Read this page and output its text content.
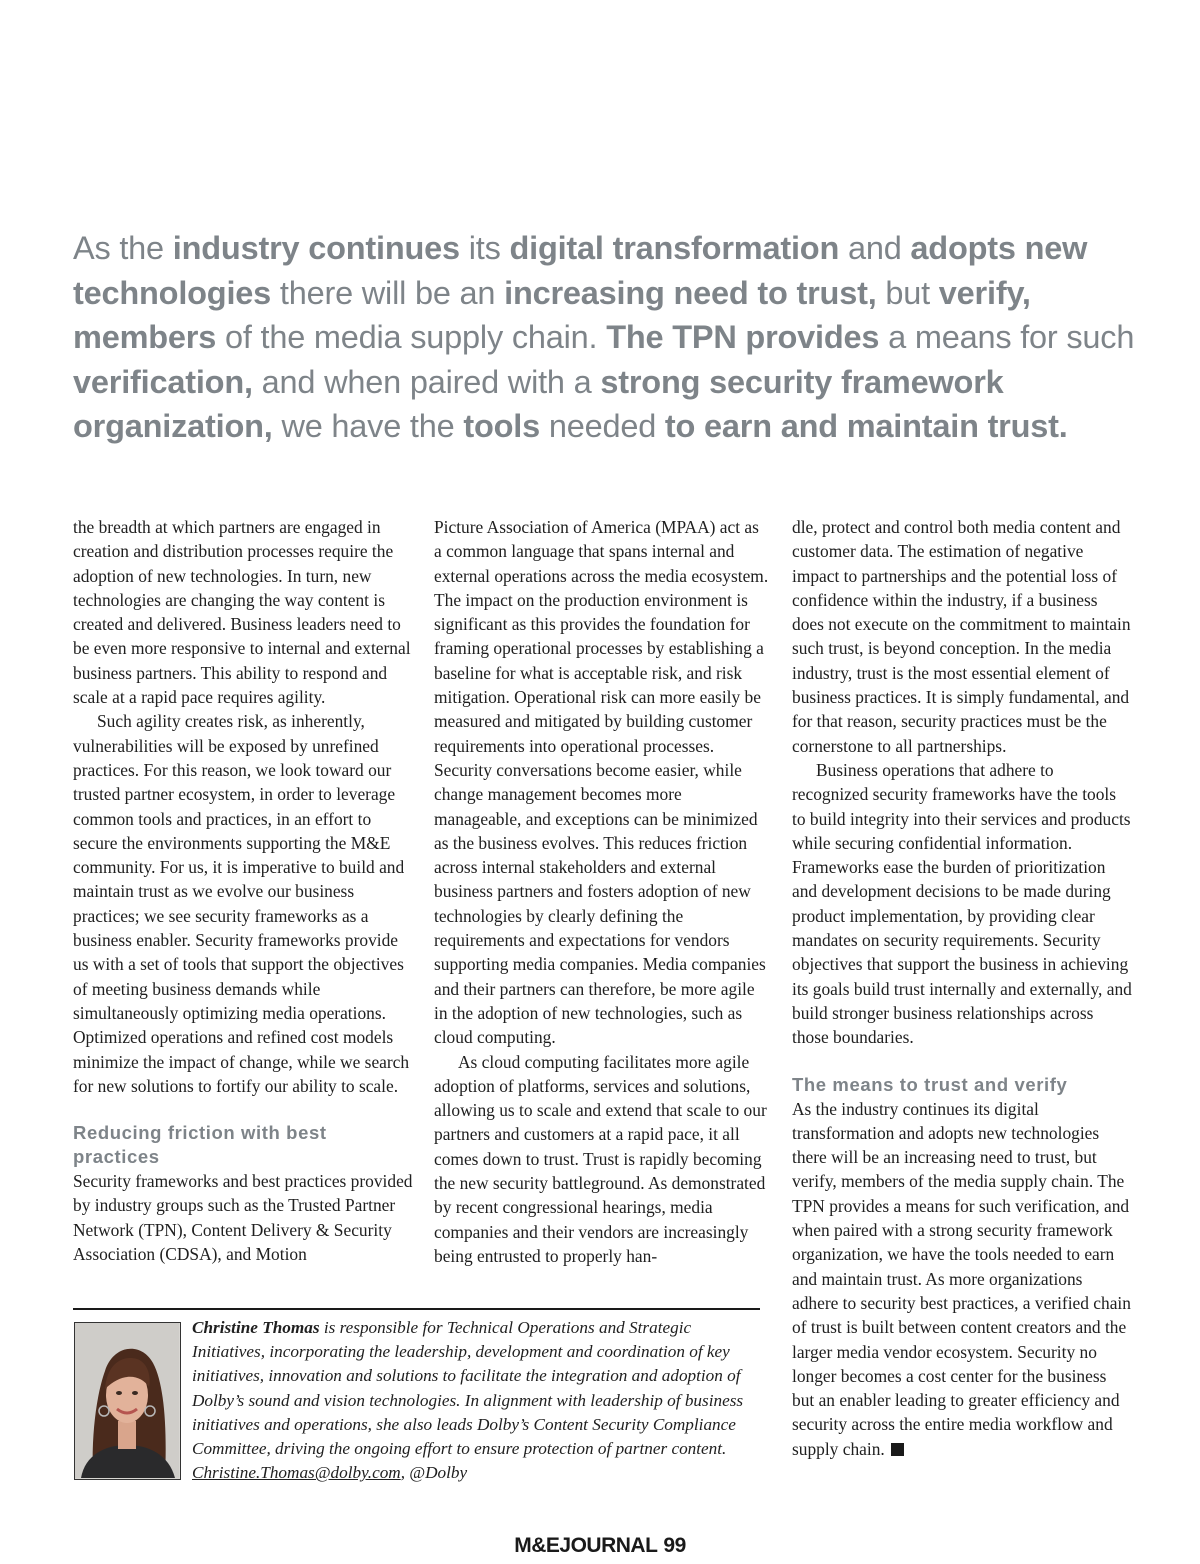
As the industry continues its digital transformation and adopts new technologies there will be an increasing need to trust, but verify, members of the media supply chain. The TPN provides a means for such verification, and when paired with a strong security framework organization, we have the tools needed to earn and maintain trust.

the breadth at which partners are engaged in creation and distribution processes require the adoption of new technologies. In turn, new technologies are changing the way content is created and delivered. Business leaders need to be even more responsive to internal and external business partners. This ability to respond and scale at a rapid pace requires agility.

Such agility creates risk, as inherently, vulnerabilities will be exposed by unrefined practices. For this reason, we look toward our trusted partner ecosystem, in order to leverage common tools and practices, in an effort to secure the environments supporting the M&E community. For us, it is imperative to build and maintain trust as we evolve our business practices; we see security frameworks as a business enabler. Security frameworks provide us with a set of tools that support the objectives of meeting business demands while simultaneously optimizing media operations. Optimized operations and refined cost models minimize the impact of change, while we search for new solutions to fortify our ability to scale.

Reducing friction with best practices

Security frameworks and best practices provided by industry groups such as the Trusted Partner Network (TPN), Content Delivery & Security Association (CDSA), and Motion

Picture Association of America (MPAA) act as a common language that spans internal and external operations across the media ecosystem. The impact on the production environment is significant as this provides the foundation for framing operational processes by establishing a baseline for what is acceptable risk, and risk mitigation. Operational risk can more easily be measured and mitigated by building customer requirements into operational processes. Security conversations become easier, while change management becomes more manageable, and exceptions can be minimized as the business evolves. This reduces friction across internal stakeholders and external business partners and fosters adoption of new technologies by clearly defining the requirements and expectations for vendors supporting media companies. Media companies and their partners can therefore, be more agile in the adoption of new technologies, such as cloud computing.

As cloud computing facilitates more agile adoption of platforms, services and solutions, allowing us to scale and extend that scale to our partners and customers at a rapid pace, it all comes down to trust. Trust is rapidly becoming the new security battleground. As demonstrated by recent congressional hearings, media companies and their vendors are increasingly being entrusted to properly han-

dle, protect and control both media content and customer data. The estimation of negative impact to partnerships and the potential loss of confidence within the industry, if a business does not execute on the commitment to maintain such trust, is beyond conception. In the media industry, trust is the most essential element of business practices. It is simply fundamental, and for that reason, security practices must be the cornerstone to all partnerships.

Business operations that adhere to recognized security frameworks have the tools to build integrity into their services and products while securing confidential information. Frameworks ease the burden of prioritization and development decisions to be made during product implementation, by providing clear mandates on security requirements. Security objectives that support the business in achieving its goals build trust internally and externally, and build stronger business relationships across those boundaries.

The means to trust and verify

As the industry continues its digital transformation and adopts new technologies there will be an increasing need to trust, but verify, members of the media supply chain. The TPN provides a means for such verification, and when paired with a strong security framework organization, we have the tools needed to earn and maintain trust. As more organizations adhere to security best practices, a verified chain of trust is built between content creators and the larger media vendor ecosystem. Security no longer becomes a cost center for the business but an enabler leading to greater efficiency and security across the entire media workflow and supply chain.

Christine Thomas is responsible for Technical Operations and Strategic Initiatives, incorporating the leadership, development and coordination of key initiatives, innovation and solutions to facilitate the integration and adoption of Dolby’s sound and vision technologies. In alignment with leadership of business initiatives and operations, she also leads Dolby’s Content Security Compliance Committee, driving the ongoing effort to ensure protection of partner content.
Christine.Thomas@dolby.com, @Dolby
M&EJOURNAL 99
